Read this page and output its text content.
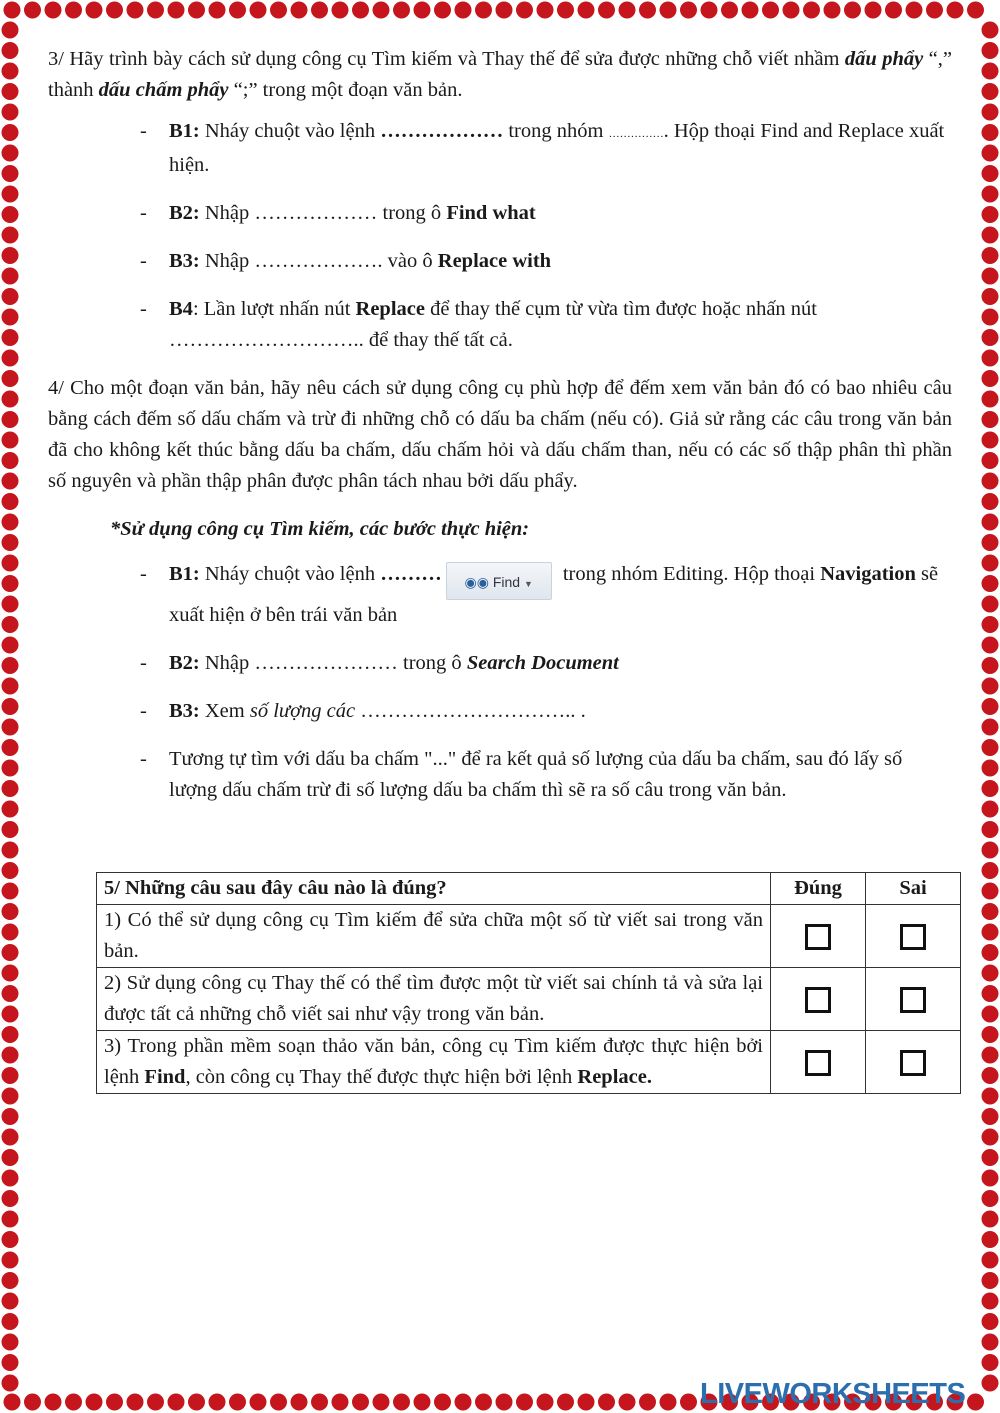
3/ Hãy trình bày cách sử dụng công cụ Tìm kiếm và Thay thế để sửa được những chỗ viết nhầm dấu phẩy “,” thành dấu chấm phẩy “;” trong một đoạn văn bản.

- B1: Nháy chuột vào lệnh ……………… trong nhóm ……………. Hộp thoại Find and Replace xuất hiện.
- B2: Nhập ……………… trong ô Find what
- B3: Nhập ………………. vào ô Replace with
- B4: Lần lượt nhấn nút Replace để thay thế cụm từ vừa tìm được hoặc nhấn nút ……………………….. để thay thế tất cả.

4/ Cho một đoạn văn bản, hãy nêu cách sử dụng công cụ phù hợp để đếm xem văn bản đó có bao nhiêu câu bằng cách đếm số dấu chấm và trừ đi những chỗ có dấu ba chấm (nếu có). Giả sử rằng các câu trong văn bản đã cho không kết thúc bằng dấu ba chấm, dấu chấm hỏi và dấu chấm than, nếu có các số thập phân thì phần số nguyên và phần thập phân được phân tách nhau bởi dấu phẩy.

*Sử dụng công cụ Tìm kiếm, các bước thực hiện:
- B1: Nháy chuột vào lệnh ……… ◉◉ Find ▼ trong nhóm Editing. Hộp thoại Navigation sẽ xuất hiện ở bên trái văn bản
- B2: Nhập ………………… trong ô Search Document
- B3: Xem số lượng các ………………………….. .
- Tương tự tìm với dấu ba chấm "..." để ra kết quả số lượng của dấu ba chấm, sau đó lấy số lượng dấu chấm trừ đi số lượng dấu ba chấm thì sẽ ra số câu trong văn bản.
5/ Những câu sau đây câu nào là đúng?	Đúng	Sai
1) Có thể sử dụng công cụ Tìm kiếm để sửa chữa một số từ viết sai trong văn bản.		
2) Sử dụng công cụ Thay thế có thể tìm được một từ viết sai chính tả và sửa lại được tất cả những chỗ viết sai như vậy trong văn bản.		
3) Trong phần mềm soạn thảo văn bản, công cụ Tìm kiếm được thực hiện bởi lệnh Find, còn công cụ Thay thế được thực hiện bởi lệnh Replace.		
LIVEWORKSHEETS
